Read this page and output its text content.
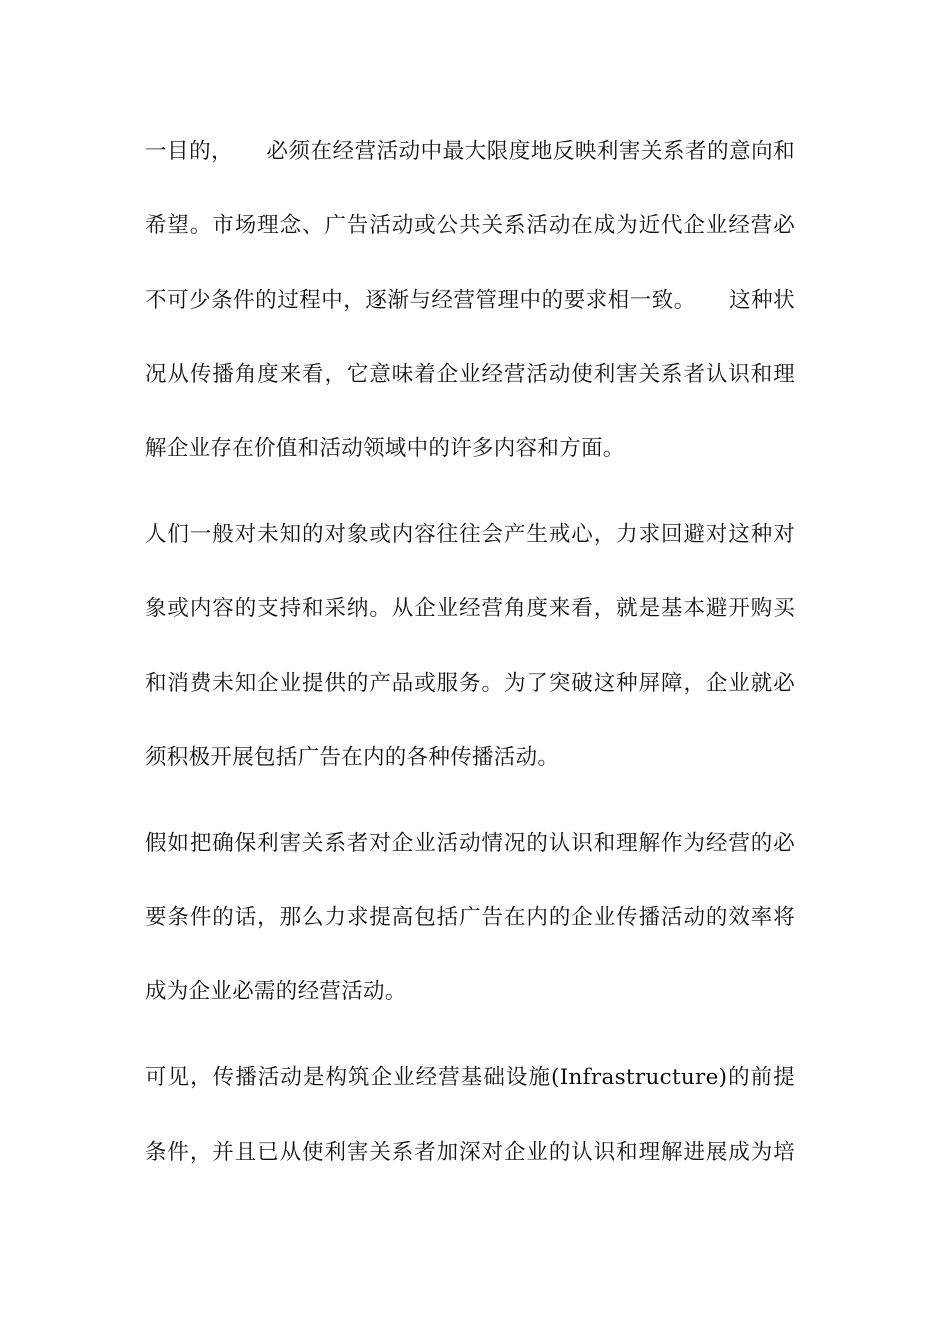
一目的，　　必须在经营活动中最大限度地反映利害关系者的意向和
希望。市场理念、广告活动或公共关系活动在成为近代企业经营必
不可少条件的过程中，逐渐与经营管理中的要求相一致。　　这种状
况从传播角度来看，它意味着企业经营活动使利害关系者认识和理
解企业存在价值和活动领域中的许多内容和方面。
人们一般对未知的对象或内容往往会产生戒心，力求回避对这种对
象或内容的支持和采纳。从企业经营角度来看，就是基本避开购买
和消费未知企业提供的产品或服务。为了突破这种屏障，企业就必
须积极开展包括广告在内的各种传播活动。
假如把确保利害关系者对企业活动情况的认识和理解作为经营的必
要条件的话，那么力求提高包括广告在内的企业传播活动的效率将
成为企业必需的经营活动。
可见，传播活动是构筑企业经营基础设施(Infrastructure)的前提
条件，并且已从使利害关系者加深对企业的认识和理解进展成为培
